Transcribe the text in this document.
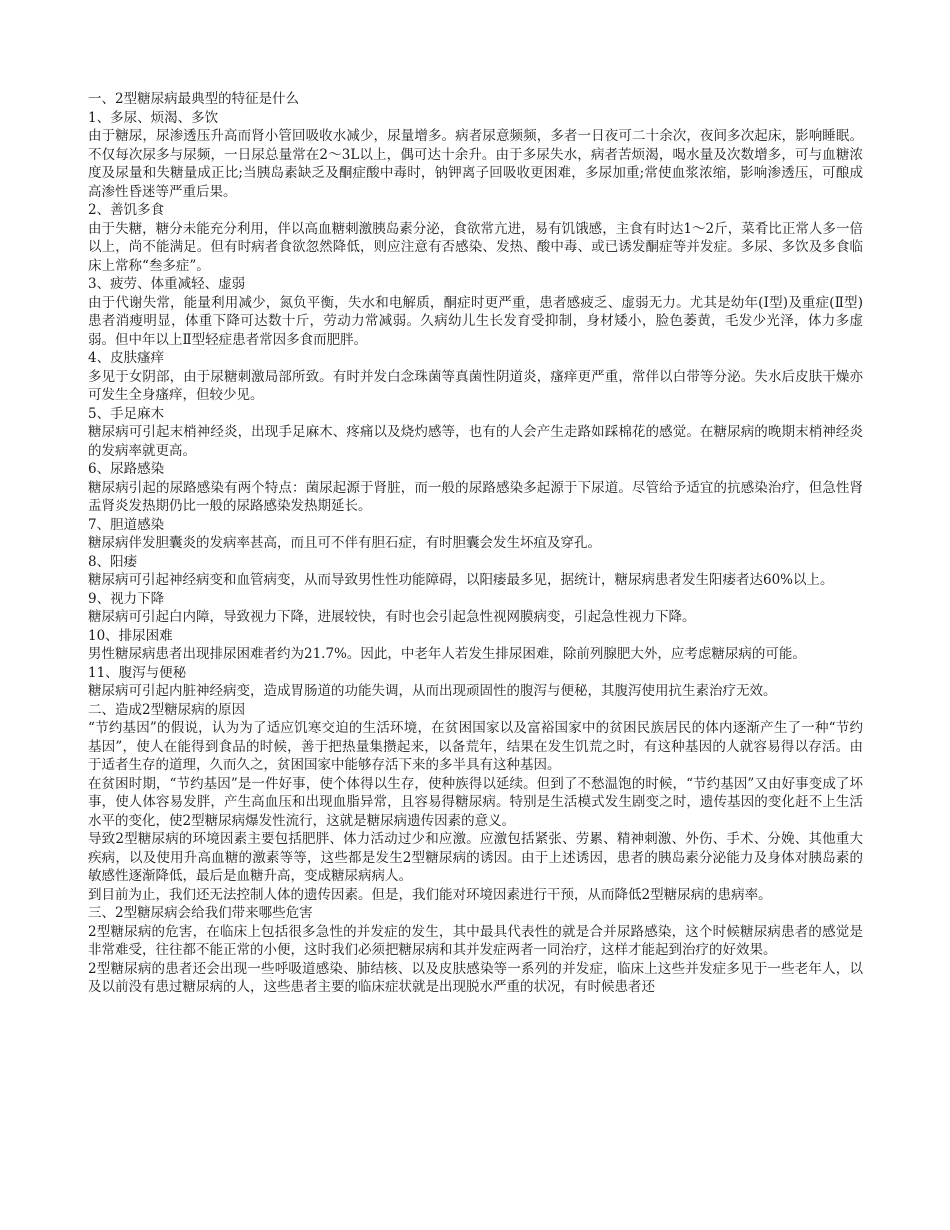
一、2型糖尿病最典型的特征是什么

1、多尿、烦渴、多饮

由于糖尿，尿渗透压升高而肾小管回吸收水减少，尿量增多。病者尿意频频，多者一日夜可二十余次，夜间多次起床，影响睡眠。不仅每次尿多与尿频，一日尿总量常在2～3L以上，偶可达十余升。由于多尿失水，病者苦烦渴，喝水量及次数增多，可与血糖浓度及尿量和失糖量成正比;当胰岛素缺乏及酮症酸中毒时，钠钾离子回吸收更困难，多尿加重;常使血浆浓缩，影响渗透压，可酿成高渗性昏迷等严重后果。

2、善饥多食

由于失糖，糖分未能充分利用，伴以高血糖刺激胰岛素分泌，食欲常亢进，易有饥饿感，主食有时达1～2斤，菜肴比正常人多一倍以上，尚不能满足。但有时病者食欲忽然降低，则应注意有否感染、发热、酸中毒、或已诱发酮症等并发症。多尿、多饮及多食临床上常称“叁多症”。

3、疲劳、体重减轻、虚弱

由于代谢失常，能量利用减少，氮负平衡，失水和电解质，酮症时更严重，患者感疲乏、虚弱无力。尤其是幼年(Ⅰ型)及重症(Ⅱ型)患者消瘦明显，体重下降可达数十斤，劳动力常减弱。久病幼儿生长发育受抑制，身材矮小，脸色萎黄，毛发少光泽，体力多虚弱。但中年以上Ⅱ型轻症患者常因多食而肥胖。

4、皮肤瘙痒

多见于女阴部，由于尿糖刺激局部所致。有时并发白念珠菌等真菌性阴道炎，瘙痒更严重，常伴以白带等分泌。失水后皮肤干燥亦可发生全身瘙痒，但较少见。

5、手足麻木

糖尿病可引起末梢神经炎，出现手足麻木、疼痛以及烧灼感等，也有的人会产生走路如踩棉花的感觉。在糖尿病的晚期末梢神经炎的发病率就更高。

6、尿路感染

糖尿病引起的尿路感染有两个特点：菌尿起源于肾脏，而一般的尿路感染多起源于下尿道。尽管给予适宜的抗感染治疗，但急性肾盂肾炎发热期仍比一般的尿路感染发热期延长。

7、胆道感染

糖尿病伴发胆囊炎的发病率甚高，而且可不伴有胆石症，有时胆囊会发生坏疽及穿孔。

8、阳痿

糖尿病可引起神经病变和血管病变，从而导致男性性功能障碍，以阳痿最多见，据统计，糖尿病患者发生阳痿者达60%以上。

9、视力下降

糖尿病可引起白内障，导致视力下降，进展较快，有时也会引起急性视网膜病变，引起急性视力下降。

10、排尿困难

男性糖尿病患者出现排尿困难者约为21.7%。因此，中老年人若发生排尿困难，除前列腺肥大外，应考虑糖尿病的可能。

11、腹泻与便秘

糖尿病可引起内脏神经病变，造成胃肠道的功能失调，从而出现顽固性的腹泻与便秘，其腹泻使用抗生素治疗无效。

二、造成2型糖尿病的原因

“节约基因”的假说，认为为了适应饥寒交迫的生活环境，在贫困国家以及富裕国家中的贫困民族居民的体内逐渐产生了一种“节约基因”，使人在能得到食品的时候，善于把热量集攒起来，以备荒年，结果在发生饥荒之时，有这种基因的人就容易得以存活。由于适者生存的道理，久而久之，贫困国家中能够存活下来的多半具有这种基因。

在贫困时期，“节约基因”是一件好事，使个体得以生存，使种族得以延续。但到了不愁温饱的时候，“节约基因”又由好事变成了坏事，使人体容易发胖，产生高血压和出现血脂异常，且容易得糖尿病。特别是生活模式发生剧变之时，遗传基因的变化赶不上生活水平的变化，使2型糖尿病爆发性流行，这就是糖尿病遗传因素的意义。

导致2型糖尿病的环境因素主要包括肥胖、体力活动过少和应激。应激包括紧张、劳累、精神刺激、外伤、手术、分娩、其他重大疾病，以及使用升高血糖的激素等等，这些都是发生2型糖尿病的诱因。由于上述诱因，患者的胰岛素分泌能力及身体对胰岛素的敏感性逐渐降低，最后是血糖升高，变成糖尿病病人。

到目前为止，我们还无法控制人体的遗传因素。但是，我们能对环境因素进行干预，从而降低2型糖尿病的患病率。

三、2型糖尿病会给我们带来哪些危害

2型糖尿病的危害，在临床上包括很多急性的并发症的发生，其中最具代表性的就是合并尿路感染，这个时候糖尿病患者的感觉是非常难受，往往都不能正常的小便，这时我们必须把糖尿病和其并发症两者一同治疗，这样才能起到治疗的好效果。

2型糖尿病的患者还会出现一些呼吸道感染、肺结核、以及皮肤感染等一系列的并发症，临床上这些并发症多见于一些老年人，以及以前没有患过糖尿病的人，这些患者主要的临床症状就是出现脱水严重的状况，有时候患者还
